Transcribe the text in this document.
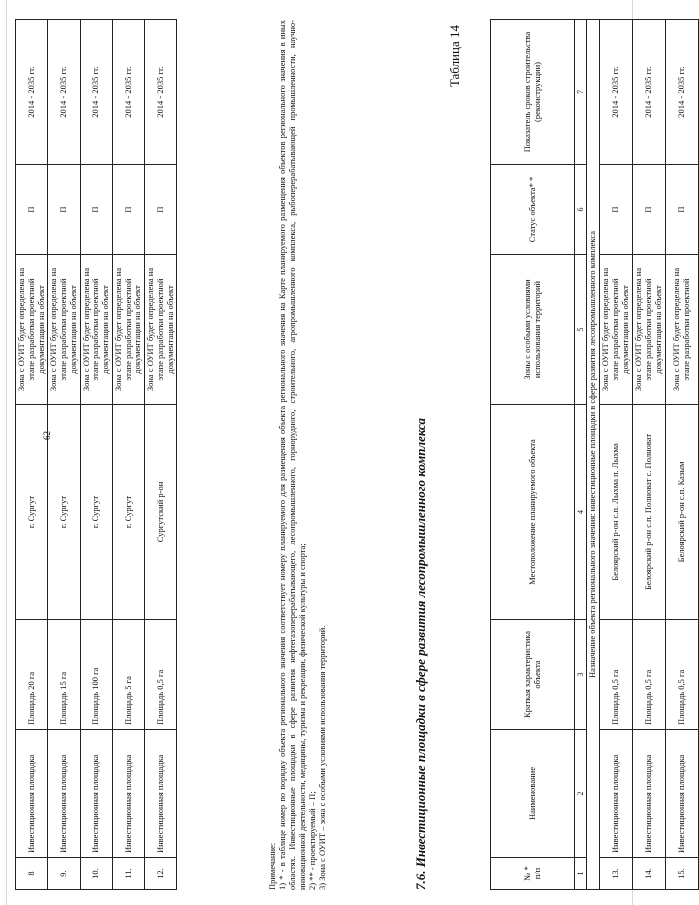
8	Инвестиционная площадка	Площадь 20 га	г. Сургут	Зона с ОУИТ будет определена на этапе разработки проектной документации на объект	П	2014 - 2035 гг.
9.	Инвестиционная площадка	Площадь 15 га	г. Сургут	Зона с ОУИТ будет определена на этапе разработки проектной документации на объект	П	2014 - 2035 гг.
10.	Инвестиционная площадка	Площадь 100 га	г. Сургут	Зона с ОУИТ будет определена на этапе разработки проектной документации на объект	П	2014 - 2035 гг.
11.	Инвестиционная площадка	Площадь 5 га	г. Сургут	Зона с ОУИТ будет определена на этапе разработки проектной документации на объект	П	2014 - 2035 гг.
12.	Инвестиционная площадка	Площадь 0,5 га	Сургутский р-он	Зона с ОУИТ будет определена на этапе разработки проектной документации на объект	П	2014 - 2035 гг.

Примечание: 1) * - в таблице номер по порядку объекта регионального значения соответствует номеру планируемого для размещения объекта регионального значения на Карте планируемого размещения объектов регионального значения в иных областях. Инвестиционные площадки в сфере развития нефтегазоперерабатывающего, лесопромышленного, горнорудного, строительного, агропромышленного комплекса, рыбоперерабатывающей промышленности, научно-инновационной деятельности, медицины, туризма и рекреации, физической культуры и спорта; 2) ** - проектируемый – П; 3) Зона с ОУИТ – зона с особыми условиями использования территорий.	7.6. Инвестиционные площадки в сфере развития лесопромышленного комплекса
Таблица 14
№ * п/п	Наименование	Краткая характеристика объекта	Местоположение планируемого объекта	Зоны с особыми условиями использования территорий	Статус объекта* *	Показатель сроков строительства (реконструкции)
1	2	3	4	5	6	7
Назначение объекта регионального значения: инвестиционные площадки в сфере развития лесопромышленного комплекса						
13.	Инвестиционная площадка	Площадь 0,5 га	Белоярский р-он с.п. Лыхма п. Лыхма	Зона с ОУИТ будет определена на этапе разработки проектной документации на объект	П	2014 - 2035 гг.
14.	Инвестиционная площадка	Площадь 0,5 га	Белоярский р-он с.п. Полноват с. Полноват	Зона с ОУИТ будет определена на этапе разработки проектной документации на объект	П	2014 - 2035 гг.
15.	Инвестиционная площадка	Площадь 0,5 га	Белоярский р-он с.п. Казым	Зона с ОУИТ будет определена на этапе разработки проектной	П	2014 - 2035 гг.
62
